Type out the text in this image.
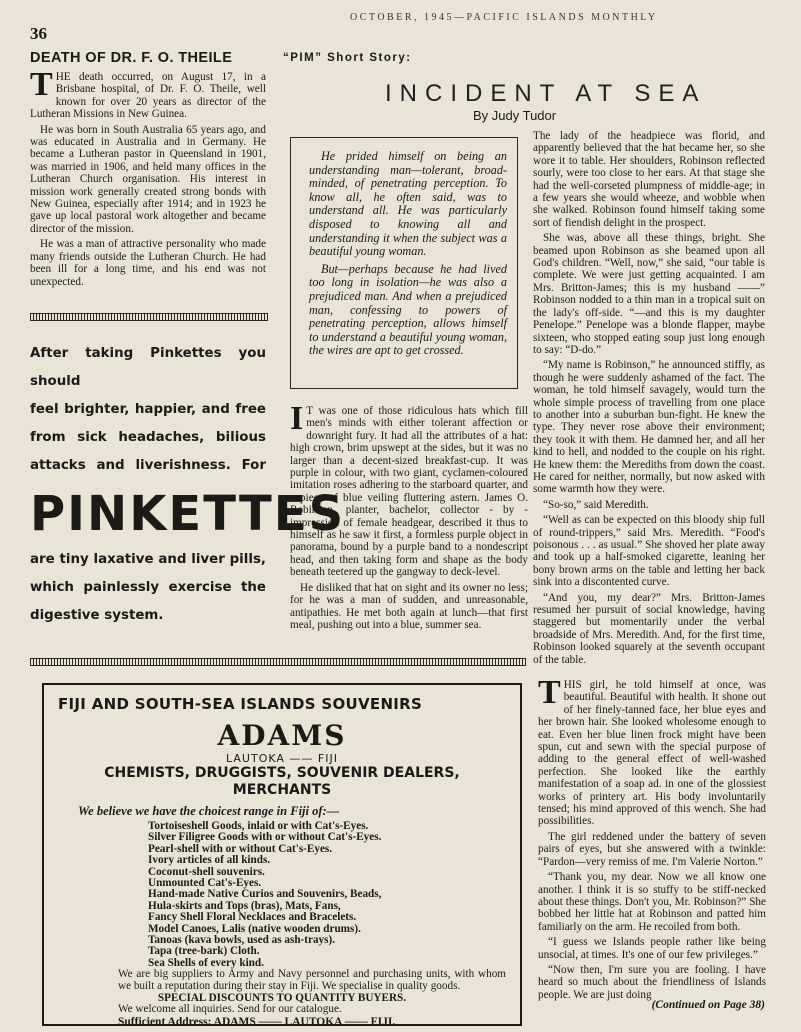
36
OCTOBER, 1945—PACIFIC ISLANDS MONTHLY
DEATH OF DR. F. O. THEILE

THE death occurred, on August 17, in a Brisbane hospital, of Dr. F. O. Theile, well known for over 20 years as director of the Lutheran Missions in New Guinea.

He was born in South Australia 65 years ago, and was educated in Australia and in Germany. He became a Lutheran pastor in Queensland in 1901, was married in 1906, and held many offices in the Lutheran Church organisation. His interest in mission work generally created strong bonds with New Guinea, especially after 1914; and in 1923 he gave up local pastoral work altogether and became director of the mission.

He was a man of attractive personality who made many friends outside the Lutheran Church. He had been ill for a long time, and his end was not unexpected.

After taking Pinkettes you should
feel brighter, happier, and free
from sick headaches, bilious
attacks and liverishness. For
PINKETTES
are tiny laxative and liver pills,
which painlessly exercise the
digestive system.
“PIM” Short Story:
INCIDENT AT SEA
By Judy Tudor

He prided himself on being an understanding man—tolerant, broad-minded, of penetrating perception. To know all, he often said, was to understand all. He was particularly disposed to knowing all and understanding it when the subject was a beautiful young woman.

But—perhaps because he had lived too long in isolation—he was also a prejudiced man. And when a prejudiced man, confessing to powers of penetrating perception, allows himself to understand a beautiful young woman, the wires are apt to get crossed.

I T was one of those ridiculous hats which fill men's minds with either tolerant affection or downright fury. It had all the attributes of a hat: high crown, brim upswept at the sides, but it was no larger than a decent-sized breakfast-cup. It was purple in colour, with two giant, cyclamen-coloured imitation roses adhering to the starboard quarter, and a piece of blue veiling fluttering astern. James O. Robinson, planter, bachelor, collector - by - impression of female headgear, described it thus to himself as he saw it first, a formless purple object in panorama, bound by a purple band to a nondescript head, and then taking form and shape as the body beneath teetered up the gangway to deck-level.

He disliked that hat on sight and its owner no less; for he was a man of sudden, and unreasonable, antipathies. He met both again at lunch—that first meal, pushing out into a blue, summer sea.

The lady of the headpiece was florid, and apparently believed that the hat became her, so she wore it to table. Her shoulders, Robinson reflected sourly, were too close to her ears. At that stage she had the well-corseted plumpness of middle-age; in a few years she would wheeze, and wobble when she walked. Robinson found himself taking some sort of fiendish delight in the prospect.

She was, above all these things, bright. She beamed upon Robinson as she beamed upon all God's children. “Well, now,” she said, “our table is complete. We were just getting acquainted. I am Mrs. Britton-James; this is my husband ——” Robinson nodded to a thin man in a tropical suit on the lady's off-side. “—and this is my daughter Penelope.” Penelope was a blonde flapper, maybe sixteen, who stopped eating soup just long enough to say: “D-do.”

“My name is Robinson,” he announced stiffly, as though he were suddenly ashamed of the fact. The woman, he told himself savagely, would turn the whole simple process of travelling from one place to another into a suburban bun-fight. He knew the type. They never rose above their environment; they took it with them. He damned her, and all her kind to hell, and nodded to the couple on his right. He knew them: the Merediths from down the coast. He cared for neither, normally, but now asked with some warmth how they were.

“So-so,” said Meredith.

“Well as can be expected on this bloody ship full of round-trippers,” said Mrs. Meredith. “Food's poisonous . . . as usual.” She shoved her plate away and took up a half-smoked cigarette, leaning her bony brown arms on the table and letting her back sink into a discontented curve.

“And you, my dear?” Mrs. Britton-James resumed her pursuit of social knowledge, having staggered but momentarily under the verbal broadside of Mrs. Meredith. And, for the first time, Robinson looked squarely at the seventh occupant of the table.

THIS girl, he told himself at once, was beautiful. Beautiful with health. It shone out of her finely-tanned face, her blue eyes and her brown hair. She looked wholesome enough to eat. Even her blue linen frock might have been spun, cut and sewn with the special purpose of adding to the general effect of well-washed perfection. She looked like the earthly manifestation of a soap ad. in one of the glossiest works of printery art. His body involuntarily tensed; his mind approved of this wench. She had possibilities.

The girl reddened under the battery of seven pairs of eyes, but she answered with a twinkle: “Pardon—very remiss of me. I'm Valerie Norton.”

“Thank you, my dear. Now we all know one another. I think it is so stuffy to be stiff-necked about these things. Don't you, Mr. Robinson?” She bobbed her little hat at Robinson and patted him familiarly on the arm. He recoiled from both.

“I guess we Islands people rather like being unsocial, at times. It's one of our few privileges.”

“Now then, I'm sure you are fooling. I have heard so much about the friendliness of Islands people. We are just doing

(Continued on Page 38)
FIJI AND SOUTH-SEA ISLANDS SOUVENIRS
ADAMS
LAUTOKA —— FIJI
CHEMISTS, DRUGGISTS, SOUVENIR DEALERS,
MERCHANTS
We believe we have the choicest range in Fiji of:—
Tortoiseshell Goods, inlaid or with Cat's-Eyes.
Silver Filigree Goods with or without Cat's-Eyes.
Pearl-shell with or without Cat's-Eyes.
Ivory articles of all kinds.
Coconut-shell souvenirs.
Unmounted Cat's-Eyes.
Hand-made Native Curios and Souvenirs, Beads,
Hula-skirts and Tops (bras), Mats, Fans,
Fancy Shell Floral Necklaces and Bracelets.
Model Canoes, Lalis (native wooden drums).
Tanoas (kava bowls, used as ash-trays).
Tapa (tree-bark) Cloth.
Sea Shells of every kind.
We are big suppliers to Army and Navy personnel and purchasing units, with whom we built a reputation during their stay in Fiji. We specialise in quality goods.
SPECIAL DISCOUNTS TO QUANTITY BUYERS.
We welcome all inquiries. Send for our catalogue.
Sufficient Address: ADAMS —— LAUTOKA —— FIJI.
